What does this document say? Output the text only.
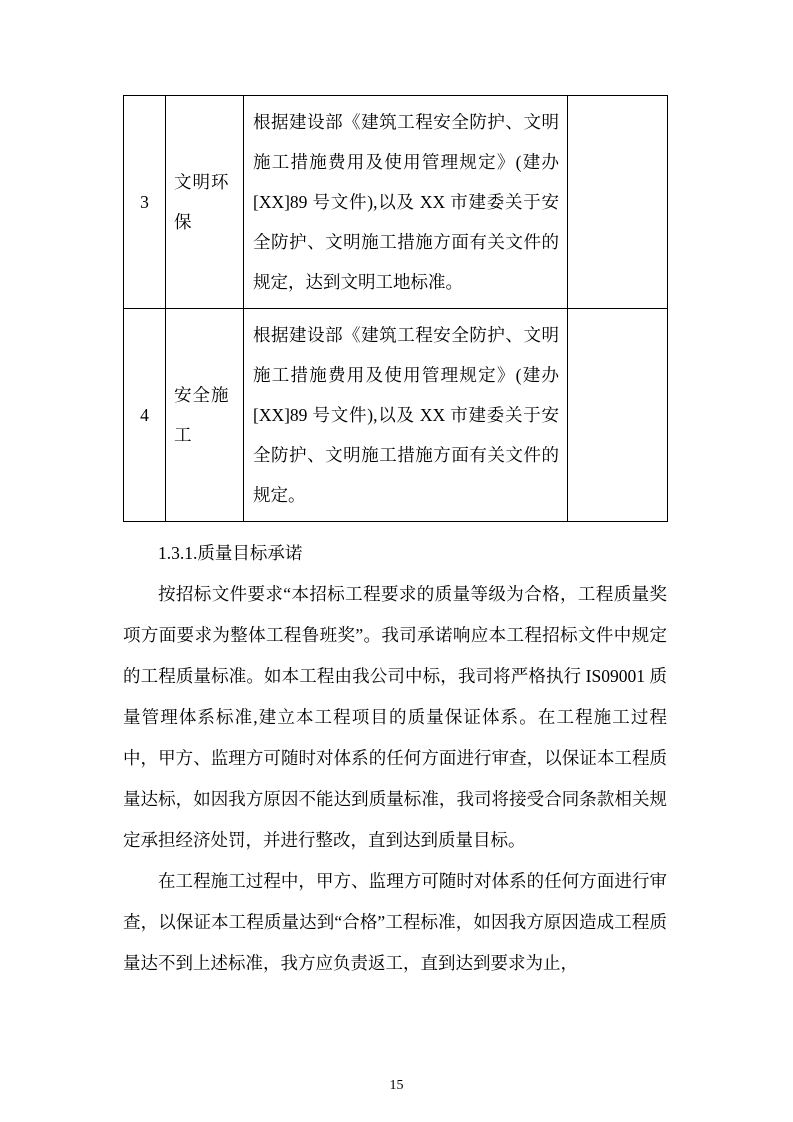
3	文明环保	根据建设部《建筑工程安全防护、文明施工措施费用及使用管理规定》(建办[XX]89 号文件),以及 XX 市建委关于安全防护、文明施工措施方面有关文件的规定，达到文明工地标准。	
4	安全施工	根据建设部《建筑工程安全防护、文明施工措施费用及使用管理规定》(建办[XX]89 号文件),以及 XX 市建委关于安全防护、文明施工措施方面有关文件的规定。	
1.3.1.质量目标承诺

按招标文件要求“本招标工程要求的质量等级为合格，工程质量奖项方面要求为整体工程鲁班奖”。我司承诺响应本工程招标文件中规定的工程质量标准。如本工程由我公司中标，我司将严格执行 IS09001 质量管理体系标准,建立本工程项目的质量保证体系。在工程施工过程中，甲方、监理方可随时对体系的任何方面进行审查，以保证本工程质量达标，如因我方原因不能达到质量标准，我司将接受合同条款相关规定承担经济处罚，并进行整改，直到达到质量目标。

在工程施工过程中，甲方、监理方可随时对体系的任何方面进行审查，以保证本工程质量达到“合格”工程标准，如因我方原因造成工程质量达不到上述标准，我方应负责返工，直到达到要求为止，

15
